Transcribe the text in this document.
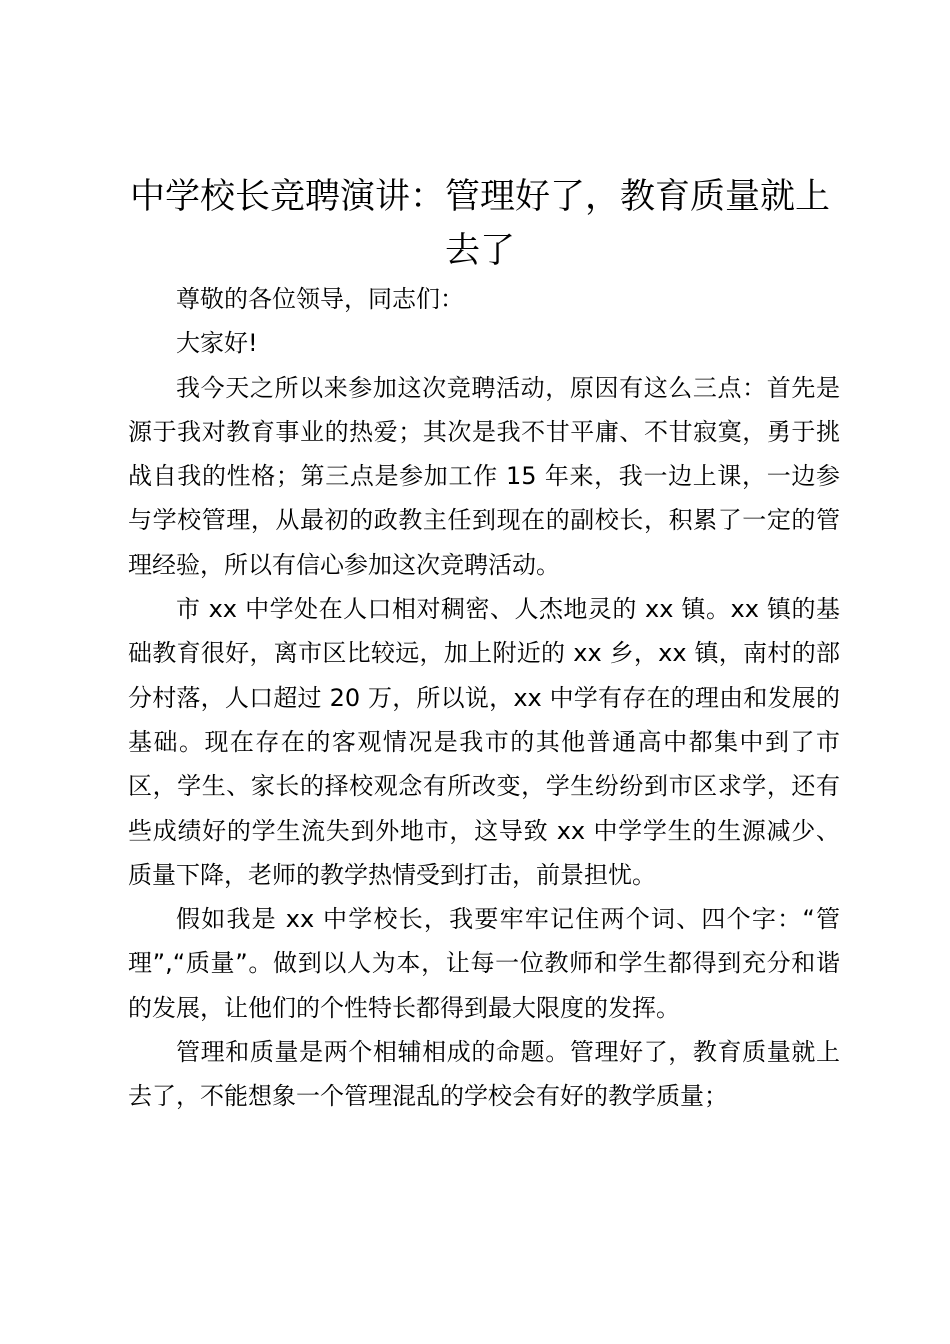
中学校长竞聘演讲：管理好了，教育质量就上去了

尊敬的各位领导，同志们：

大家好!

我今天之所以来参加这次竞聘活动，原因有这么三点：首先是源于我对教育事业的热爱；其次是我不甘平庸、不甘寂寞，勇于挑战自我的性格；第三点是参加工作 15 年来，我一边上课，一边参与学校管理，从最初的政教主任到现在的副校长，积累了一定的管理经验，所以有信心参加这次竞聘活动。

市 xx 中学处在人口相对稠密、人杰地灵的 xx 镇。xx 镇的基础教育很好，离市区比较远，加上附近的 xx 乡，xx 镇，南村的部分村落，人口超过 20 万，所以说，xx 中学有存在的理由和发展的基础。现在存在的客观情况是我市的其他普通高中都集中到了市区，学生、家长的择校观念有所改变，学生纷纷到市区求学，还有些成绩好的学生流失到外地市，这导致 xx 中学学生的生源减少、质量下降，老师的教学热情受到打击，前景担忧。

假如我是 xx 中学校长，我要牢牢记住两个词、四个字：“管理”,“质量”。做到以人为本，让每一位教师和学生都得到充分和谐的发展，让他们的个性特长都得到最大限度的发挥。

管理和质量是两个相辅相成的命题。管理好了，教育质量就上去了，不能想象一个管理混乱的学校会有好的教学质量；
